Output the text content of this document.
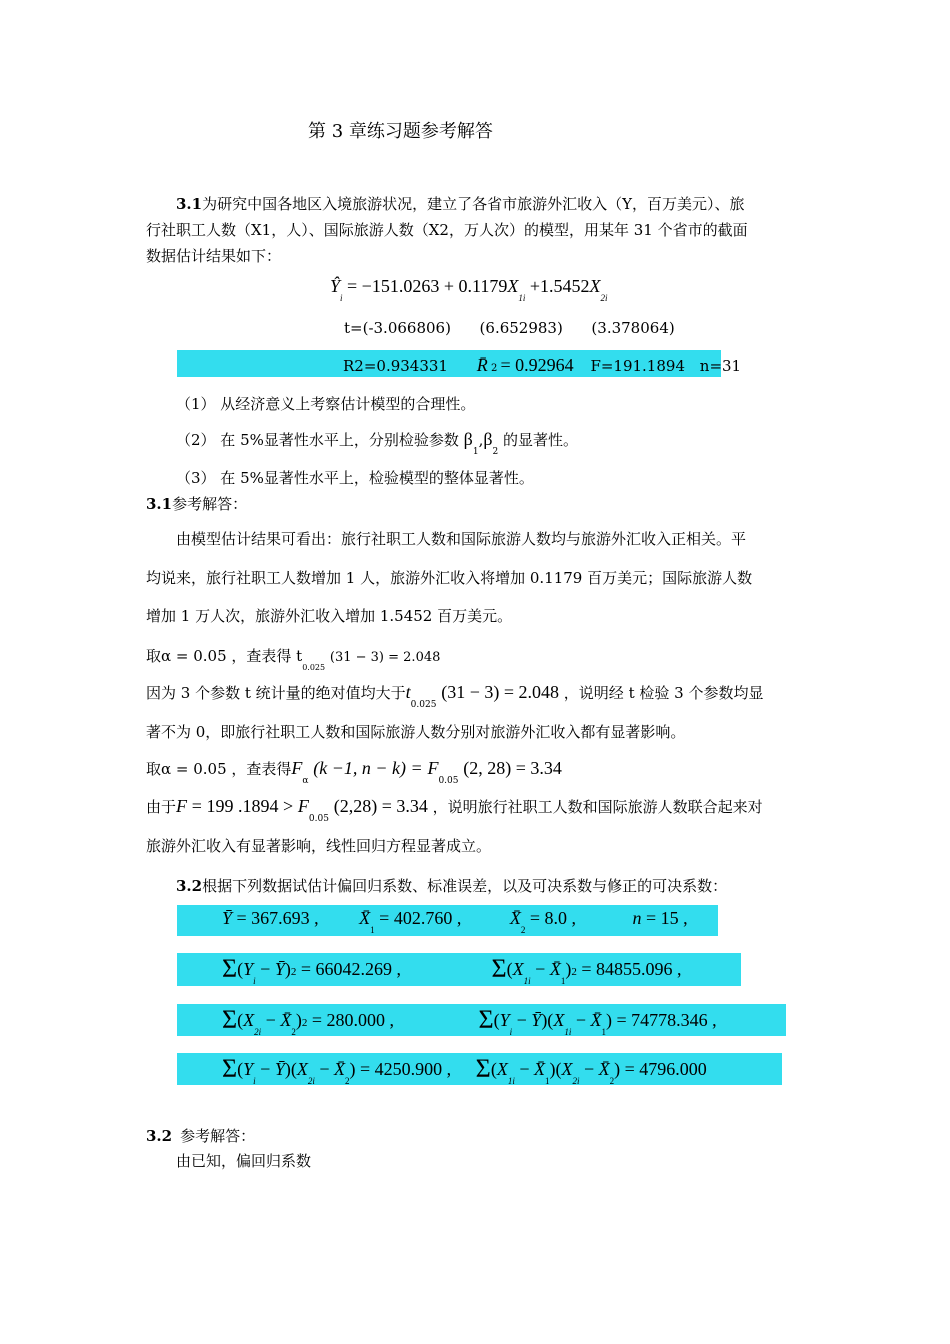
第 3 章练习题参考解答
3.1为研究中国各地区入境旅游状况，建立了各省市旅游外汇收入（Y，百万美元）、旅
行社职工人数（X1，人）、国际旅游人数（X2，万人次）的模型，用某年 31 个省市的截面
数据估计结果如下：
$Ŷ_i = -151.0263 + 0.1179X_{1i} +1.5452X_{2i}$
t=(-3.066806)      (6.652983)      (3.378064)
R2=0.934331 R̄ 2 = 0.92964 F=191.1894 n=31
（1） 从经济意义上考察估计模型的合理性。
（2） 在 5%显著性水平上，分别检验参数 $\beta_1,\beta_2$ 的显著性。
（3） 在 5%显著性水平上，检验模型的整体显著性。
3.1参考解答：
由模型估计结果可看出：旅行社职工人数和国际旅游人数均与旅游外汇收入正相关。平
均说来，旅行社职工人数增加 1 人，旅游外汇收入将增加 0.1179 百万美元；国际旅游人数
增加 1 万人次，旅游外汇收入增加 1.5452 百万美元。
取α = 0.05 ，查表得 $t_{0.025}$ (31 − 3) = 2.048
因为 3 个参数 t 统计量的绝对值均大于$t_{0.025}$ (31 − 3) = 2.048 ，说明经 t 检验 3 个参数均显
著不为 0，即旅行社职工人数和国际旅游人数分别对旅游外汇收入都有显著影响。
取α = 0.05 ，查表得$F_\alpha$ (k −1, $n - k) = F_{0.05}$ (2, 28) = 3.34
由于F = 199 $.1894 > F_{0.05}$ (2,28) = 3.34 ，说明旅行社职工人数和国际旅游人数联合起来对
旅游外汇收入有显著影响，线性回归方程显著成立。
3.2根据下列数据试估计偏回归系数、标准误差，以及可决系数与修正的可决系数：
Ȳ = 367.693 , $X̄_1 = 402.760$ ,	$X̄_2 = 8.0$ ,	n = 15 ,
$\Sigma(Y_i$ − Ȳ)2 = 66042.269 ,	$\Sigma(X_{1i}$ − $X̄_1)2 = 84855.096$ ,
$\Sigma(X_{2i}$ − $X̄_2)2 = 280.000$ ,	$\Sigma(Y_i$ − $Ȳ)(X_{1i}$ − $X̄_1) = 74778.346$ ,
$\Sigma(Y_i$ − $Ȳ)(X_{2i}$ − $X̄_2) = 4250.900$ , $\Sigma(X_{1i}$ − $X̄_1)(X_{2i}$ − $X̄_2) = 4796.000$
3.2 参考解答：
由已知，偏回归系数
